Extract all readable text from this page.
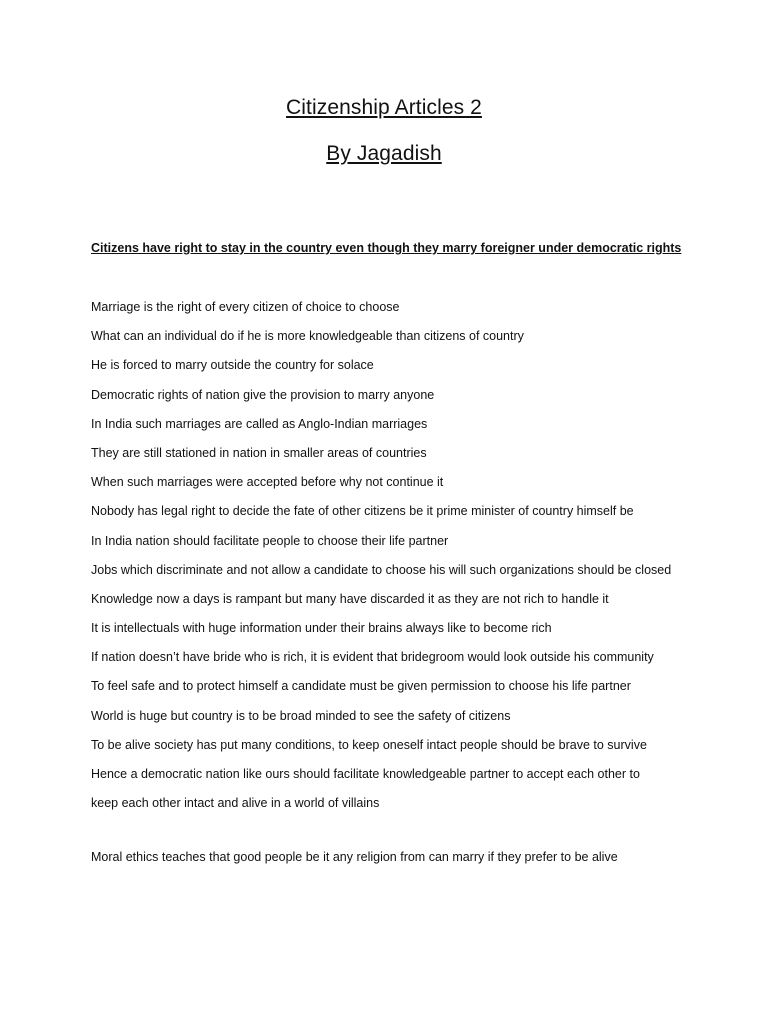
Citizenship Articles 2
By Jagadish

Citizens have right to stay in the country even though they marry foreigner under democratic rights

Marriage is the right of every citizen of choice to choose
What can an individual do if he is more knowledgeable than citizens of country
He is forced to marry outside the country for solace
Democratic rights of nation give the provision to marry anyone
In India such marriages are called as Anglo-Indian marriages
They are still stationed in nation in smaller areas of countries
When such marriages were accepted before why not continue it
Nobody has legal right to decide the fate of other citizens be it prime minister of country himself be
In India nation should facilitate people to choose their life partner
Jobs which discriminate and not allow a candidate to choose his will such organizations should be closed
Knowledge now a days is rampant but many have discarded it as they are not rich to handle it
It is intellectuals with huge information under their brains always like to become rich
If nation doesn’t have bride who is rich, it is evident that bridegroom would look outside his community
To feel safe and to protect himself a candidate must be given permission to choose his life partner
World is huge but country is to be broad minded to see the safety of citizens
To be alive society has put many conditions, to keep oneself intact people should be brave to survive
Hence a democratic nation like ours should facilitate knowledgeable partner to accept each other to
keep each other intact and alive in a world of villains

Moral ethics teaches that good people be it any religion from can marry if they prefer to be alive
